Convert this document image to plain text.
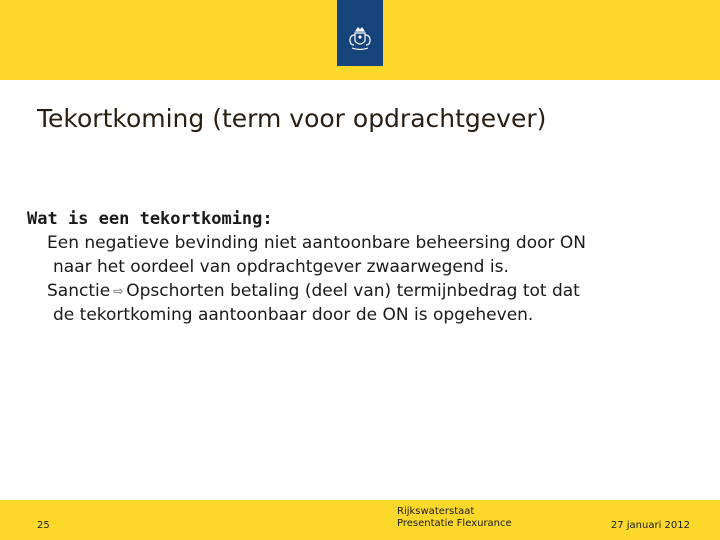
Tekortkoming (term voor opdrachtgever)

Wat is een tekortkoming:

Een negatieve bevinding niet aantoonbare beheersing door ON
naar het oordeel van opdrachtgever zwaarwegend is.

Sanctie ⇨ Opschorten betaling (deel van) termijnbedrag tot dat
de tekortkoming aantoonbaar door de ON is opgeheven.

25
Rijkswaterstaat
Presentatie Flexurance	27 januari 2012
